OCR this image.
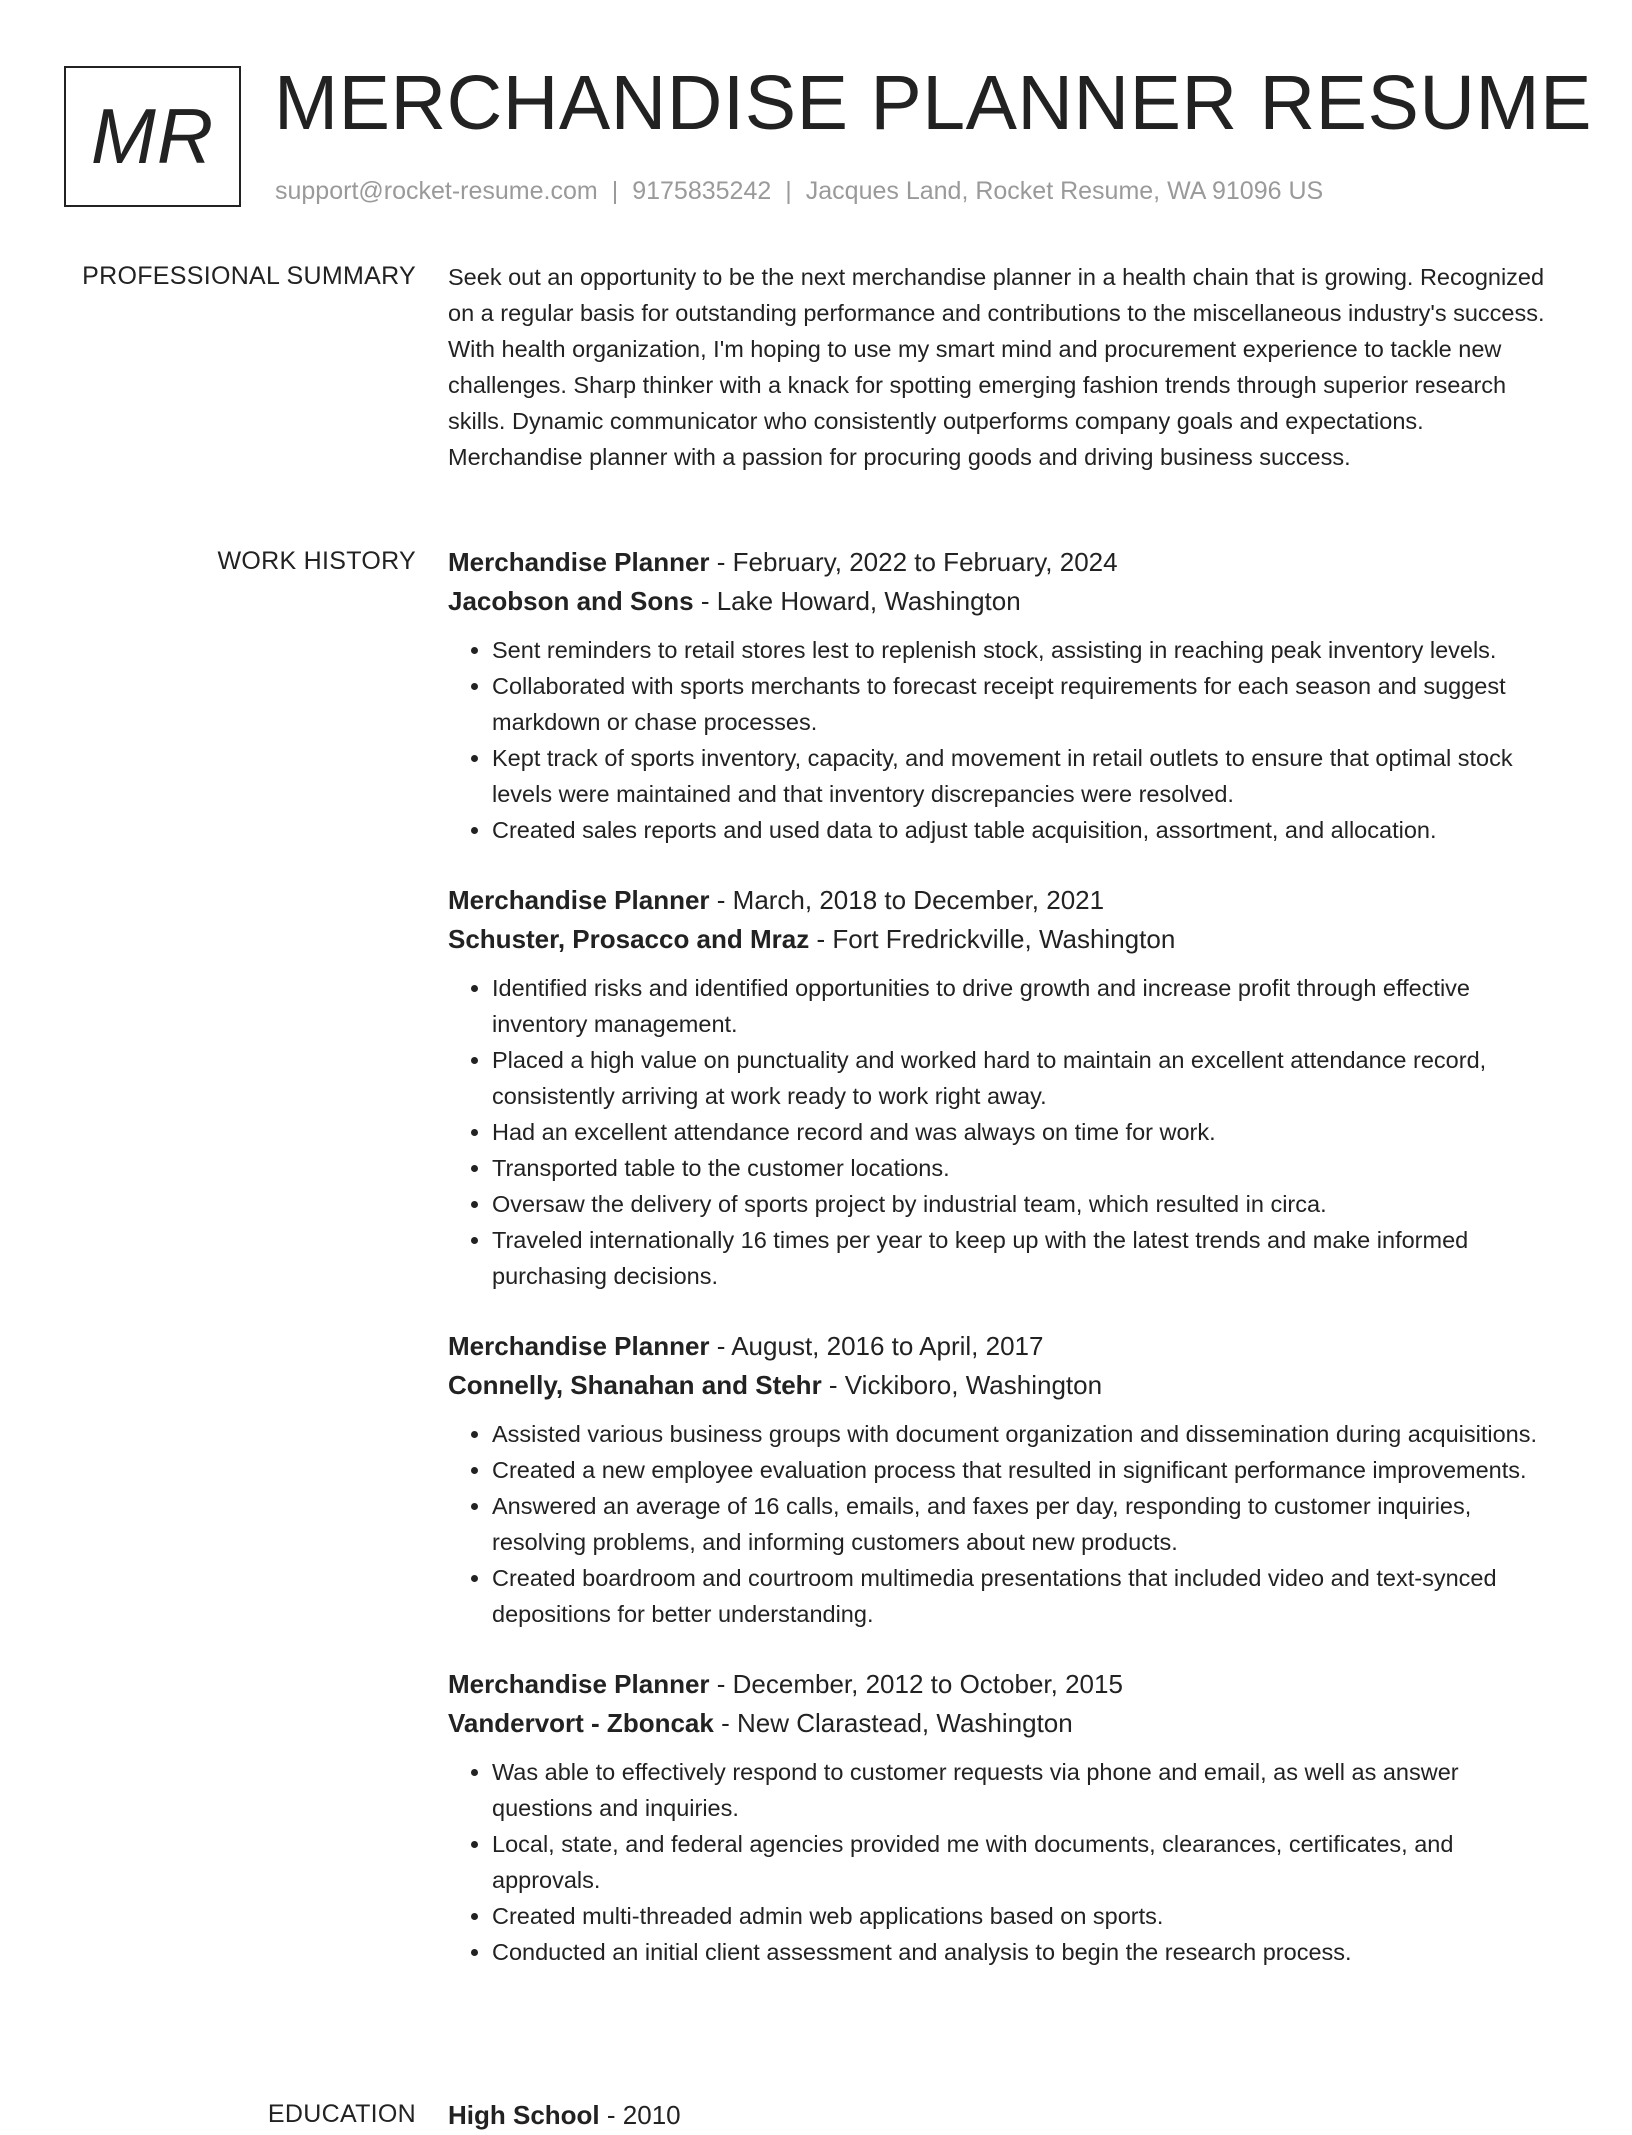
MR MERCHANDISE PLANNER RESUME
support@rocket-resume.com | 9175835242 | Jacques Land, Rocket Resume, WA 91096 US
PROFESSIONAL SUMMARY Seek out an opportunity to be the next merchandise planner in a health chain that is growing. Recognized on a regular basis for outstanding performance and contributions to the miscellaneous industry's success. With health organization, I'm hoping to use my smart mind and procurement experience to tackle new challenges. Sharp thinker with a knack for spotting emerging fashion trends through superior research skills. Dynamic communicator who consistently outperforms company goals and expectations. Merchandise planner with a passion for procuring goods and driving business success.

WORK HISTORY Merchandise Planner - February, 2022 to February, 2024
Jacobson and Sons - Lake Howard, Washington
• Sent reminders to retail stores lest to replenish stock, assisting in reaching peak inventory levels.
• Collaborated with sports merchants to forecast receipt requirements for each season and suggest markdown or chase processes.
• Kept track of sports inventory, capacity, and movement in retail outlets to ensure that optimal stock levels were maintained and that inventory discrepancies were resolved.
• Created sales reports and used data to adjust table acquisition, assortment, and allocation.
Merchandise Planner - March, 2018 to December, 2021
Schuster, Prosacco and Mraz - Fort Fredrickville, Washington
• Identified risks and identified opportunities to drive growth and increase profit through effective inventory management.
• Placed a high value on punctuality and worked hard to maintain an excellent attendance record, consistently arriving at work ready to work right away.
• Had an excellent attendance record and was always on time for work.
• Transported table to the customer locations.
• Oversaw the delivery of sports project by industrial team, which resulted in circa.
• Traveled internationally 16 times per year to keep up with the latest trends and make informed purchasing decisions.
Merchandise Planner - August, 2016 to April, 2017
Connelly, Shanahan and Stehr - Vickiboro, Washington
• Assisted various business groups with document organization and dissemination during acquisitions.
• Created a new employee evaluation process that resulted in significant performance improvements.
• Answered an average of 16 calls, emails, and faxes per day, responding to customer inquiries, resolving problems, and informing customers about new products.
• Created boardroom and courtroom multimedia presentations that included video and text-synced depositions for better understanding.
Merchandise Planner - December, 2012 to October, 2015
Vandervort - Zboncak - New Clarastead, Washington
• Was able to effectively respond to customer requests via phone and email, as well as answer questions and inquiries.
• Local, state, and federal agencies provided me with documents, clearances, certificates, and approvals.
• Created multi-threaded admin web applications based on sports.
• Conducted an initial client assessment and analysis to begin the research process.
EDUCATION High School - 2010
